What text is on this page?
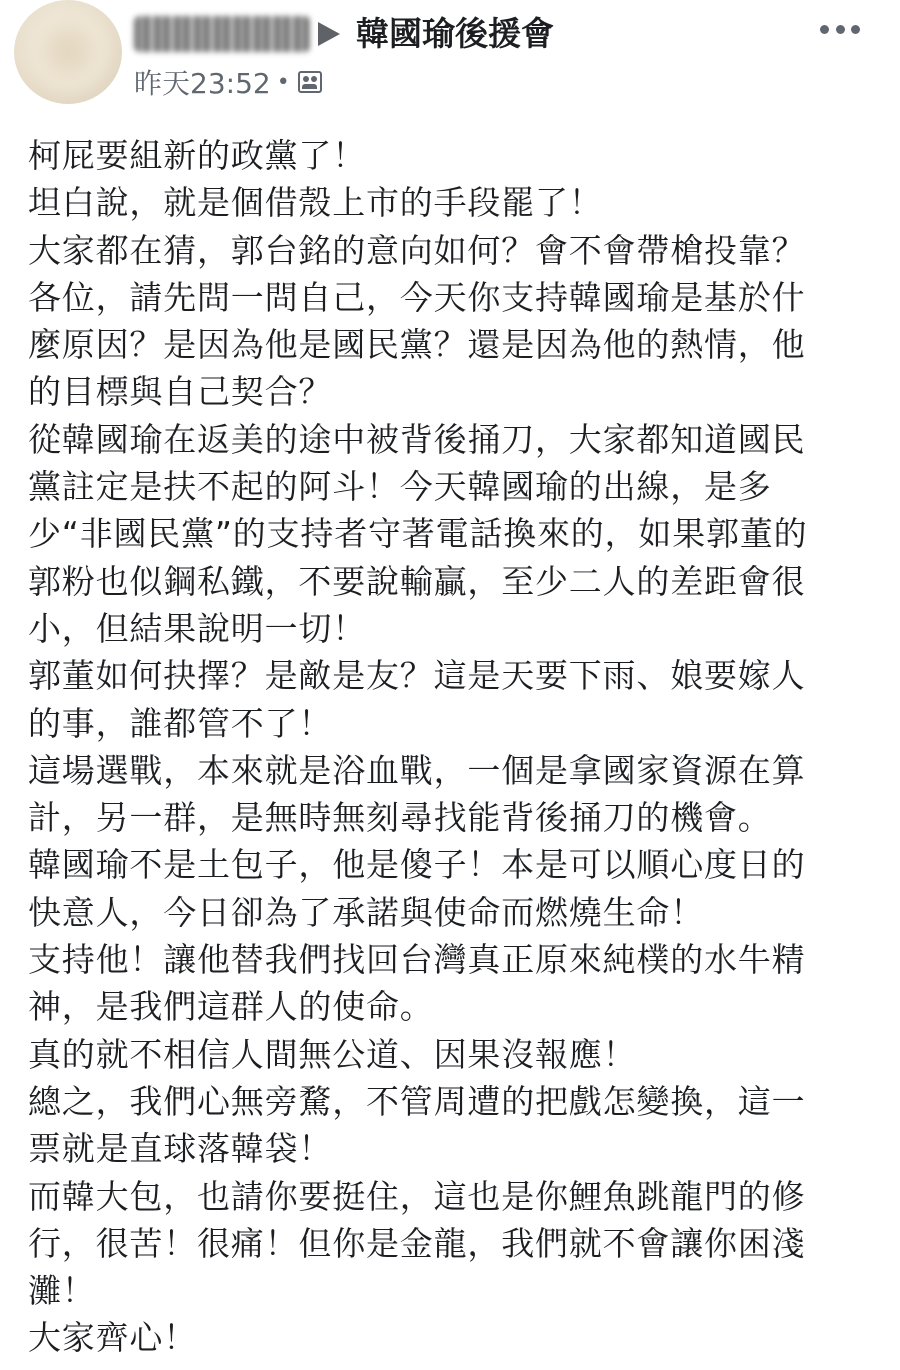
韓國瑜後援會
昨天23:52 •
柯屁要組新的政黨了！
坦白說，就是個借殼上市的手段罷了！
大家都在猜，郭台銘的意向如何？會不會帶槍投靠？
各位，請先問一問自己，今天你支持韓國瑜是基於什
麼原因？是因為他是國民黨？還是因為他的熱情，他
的目標與自己契合？
從韓國瑜在返美的途中被背後捅刀，大家都知道國民
黨註定是扶不起的阿斗！今天韓國瑜的出線，是多
少“非國民黨”的支持者守著電話換來的，如果郭董的
郭粉也似鋼私鐵，不要說輸贏，至少二人的差距會很
小，但結果說明一切！
郭董如何抉擇？是敵是友？這是天要下雨、娘要嫁人
的事，誰都管不了！
這場選戰，本來就是浴血戰，一個是拿國家資源在算
計，另一群，是無時無刻尋找能背後捅刀的機會。
韓國瑜不是土包子，他是傻子！本是可以順心度日的
快意人，今日卻為了承諾與使命而燃燒生命！
支持他！讓他替我們找回台灣真正原來純樸的水牛精
神，是我們這群人的使命。
真的就不相信人間無公道、因果沒報應！
總之，我們心無旁騖，不管周遭的把戲怎變換，這一
票就是直球落韓袋！
而韓大包，也請你要挺住，這也是你鯉魚跳龍門的修
行，很苦！很痛！但你是金龍，我們就不會讓你困淺
灘！
大家齊心！
